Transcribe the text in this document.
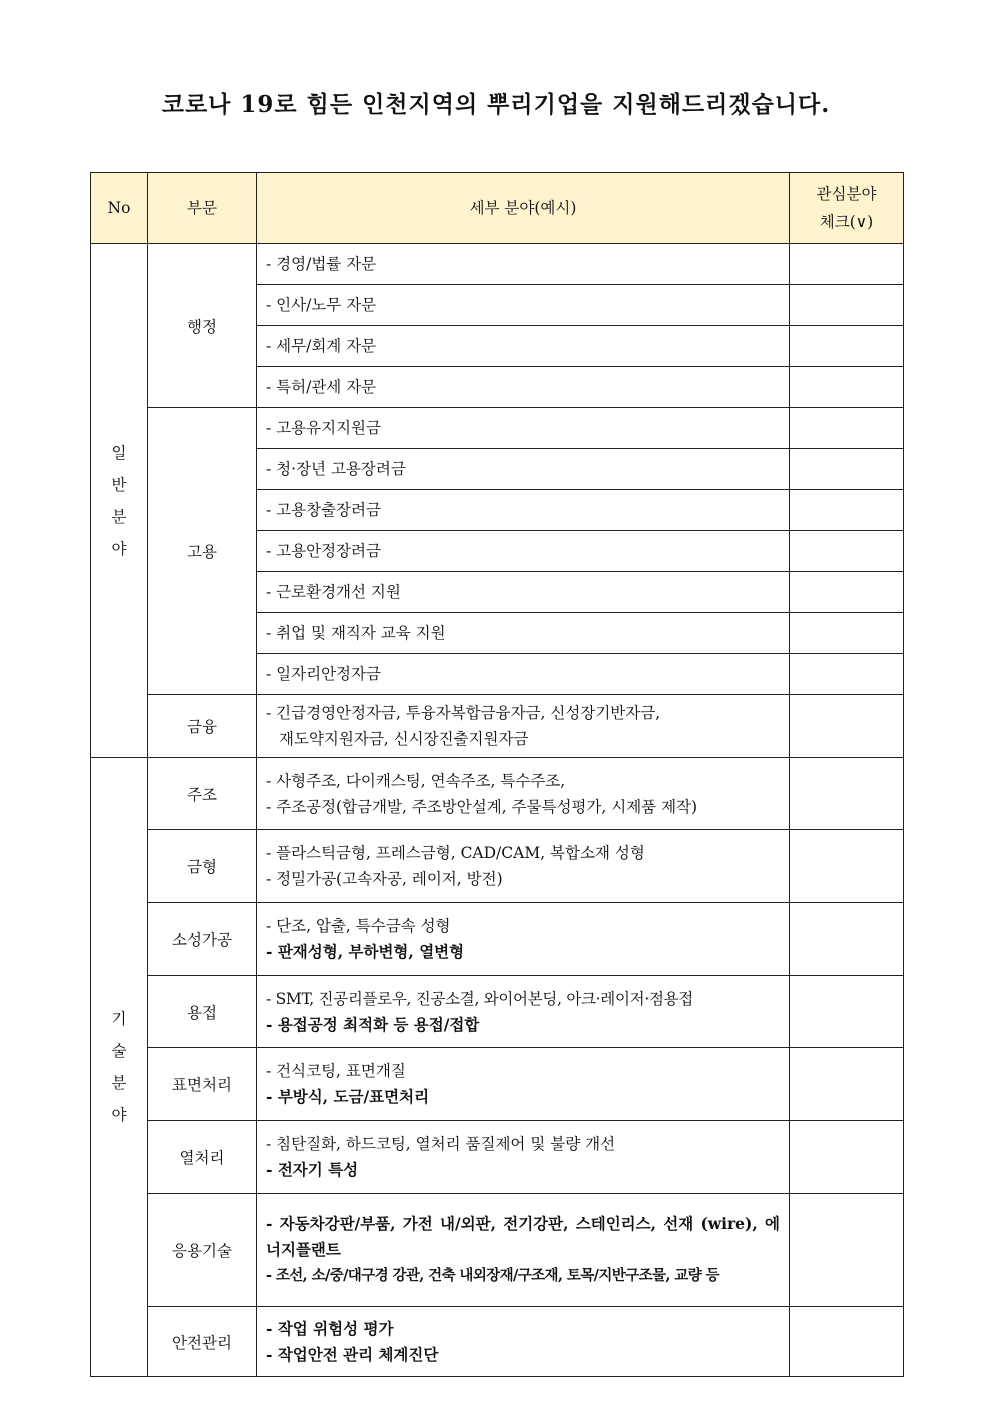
코로나 19로 힘든 인천지역의 뿌리기업을 지원해드리겠습니다.
No	부문	세부 분야(예시)	관심분야
체크(∨)

일
반
분
야	행정	- 경영/법률 자문	
		- 인사/노무 자문	
		- 세무/회계 자문	
		- 특허/관세 자문	
	고용	- 고용유지지원금	
		- 청·장년 고용장려금	
		- 고용창출장려금	
		- 고용안정장려금	
		- 근로환경개선 지원	
		- 취업 및 재직자 교육 지원	
		- 일자리안정자금	
	금융	- 긴급경영안정자금, 투융자복합금융자금, 신성장기반자금,
재도약지원자금, 신시장진출지원자금	

기
술
분
야	주조	- 사형주조, 다이캐스팅, 연속주조, 특수주조,
- 주조공정(합금개발, 주조방안설계, 주물특성평가, 시제품 제작)	

	금형	- 플라스틱금형, 프레스금형, CAD/CAM, 복합소재 성형
- 정밀가공(고속자공, 레이저, 방전)	

	소성가공	- 단조, 압출, 특수금속 성형
- 판재성형, 부하변형, 열변형	

	용접	- SMT, 진공리플로우, 진공소결, 와이어본딩, 아크·레이저·점용접
- 용접공정 최적화 등 용접/접합	

	표면처리	- 건식코팅, 표면개질
- 부방식, 도금/표면처리	

	열처리	- 침탄질화, 하드코팅, 열처리 품질제어 및 불량 개선
- 전자기 특성	

	응용기술	- 자동차강판/부품, 가전 내/외판, 전기강판, 스테인리스, 선재 (wire), 에너지플랜트
- 조선, 소/중/대구경 강관, 건축 내외장재/구조재, 토목/지반구조물, 교량 등	

	안전관리	- 작업 위험성 평가
- 작업안전 관리 체계진단	
